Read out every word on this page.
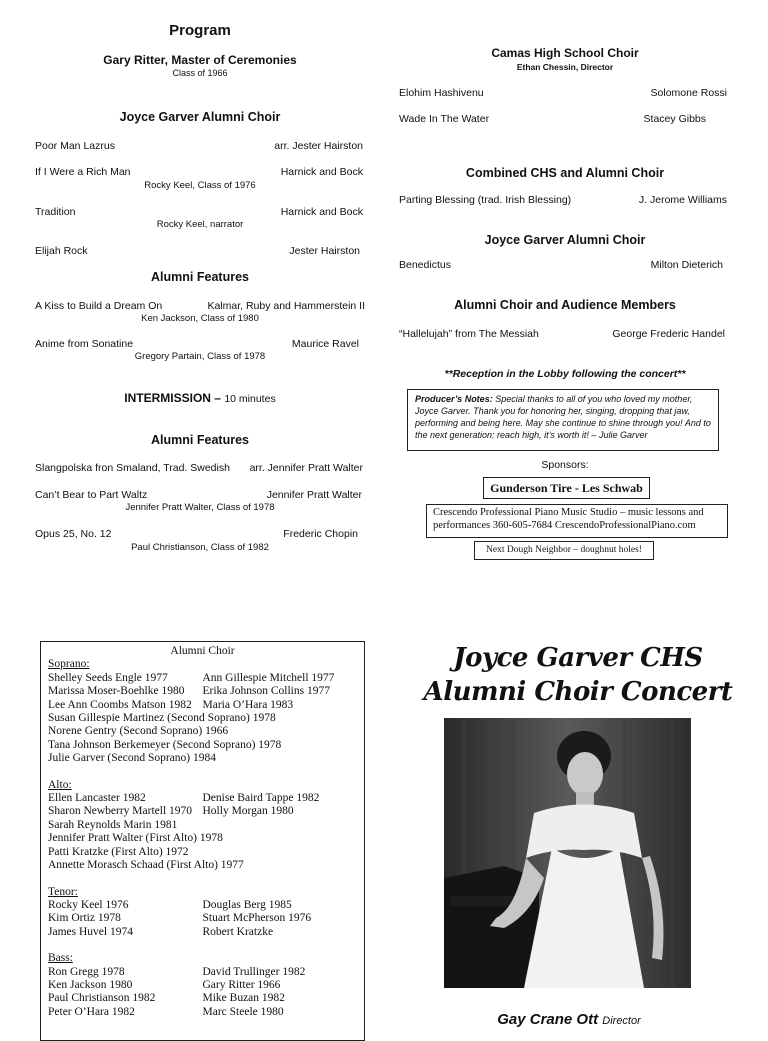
Program
Gary Ritter, Master of Ceremonies
Class of 1966
Joyce Garver Alumni Choir
Poor Man Lazrus	arr. Jester Hairston
If I Were a Rich Man	Harnick and Bock
Rocky Keel, Class of 1976
Tradition	Harnick and Bock
Rocky Keel, narrator
Elijah Rock	Jester Hairston
Alumni Features
A Kiss to Build a Dream On	Kalmar, Ruby and Hammerstein II
Ken Jackson, Class of 1980
Anime from Sonatine	Maurice Ravel
Gregory Partain, Class of 1978
INTERMISSION – 10 minutes
Alumni Features
Slangpolska fron Smaland, Trad. Swedish arr. Jennifer Pratt Walter
Can’t Bear to Part Waltz	Jennifer Pratt Walter
Jennifer Pratt Walter, Class of 1978
Opus 25, No. 12	Frederic Chopin
Paul Christianson, Class of 1982
Camas High School Choir
Ethan Chessin, Director
Elohim Hashivenu	Solomone Rossi
Wade In The Water	Stacey Gibbs
Combined CHS and Alumni Choir
Parting Blessing (trad. Irish Blessing)	J. Jerome Williams
Joyce Garver Alumni Choir
Benedictus	Milton Dieterich
Alumni Choir and Audience Members
“Hallelujah” from The Messiah	George Frederic Handel
**Reception in the Lobby following the concert**
Producer’s Notes: Special thanks to all of you who loved my mother, Joyce Garver. Thank you for honoring her, singing, dropping that jaw, performing and being here. May she continue to shine through you! And to the next generation: reach high, it’s worth it! – Julie Garver
Sponsors:
Gunderson Tire - Les Schwab
Crescendo Professional Piano Music Studio – music lessons and performances 360-605-7684 CrescendoProfessionalPiano.com
Next Dough Neighbor – doughnut holes!
Alumni Choir
Soprano:
Shelley Seeds Engle 1977	Ann Gillespie Mitchell 1977
Marissa Moser-Boehlke 1980	Erika Johnson Collins 1977
Lee Ann Coombs Matson 1982 Maria O’Hara 1983
Susan Gillespie Martinez (Second Soprano) 1978
Norene Gentry (Second Soprano) 1966
Tana Johnson Berkemeyer (Second Soprano) 1978
Julie Garver (Second Soprano) 1984
Alto:
Ellen Lancaster 1982	Denise Baird Tappe 1982
Sharon Newberry Martell 1970 Holly Morgan 1980
Sarah Reynolds Marin 1981
Jennifer Pratt Walter (First Alto) 1978
Patti Kratzke (First Alto) 1972
Annette Morasch Schaad (First Alto) 1977
Tenor:
Rocky Keel 1976	Douglas Berg 1985
Kim Ortiz 1978	Stuart McPherson 1976
James Huvel 1974	Robert Kratzke
Bass:
Ron Gregg 1978	David Trullinger 1982
Ken Jackson 1980	Gary Ritter 1966
Paul Christianson 1982	Mike Buzan 1982
Peter O’Hara 1982	Marc Steele 1980
Joyce Garver CHS
Alumni Choir Concert
Gay Crane Ott Director
